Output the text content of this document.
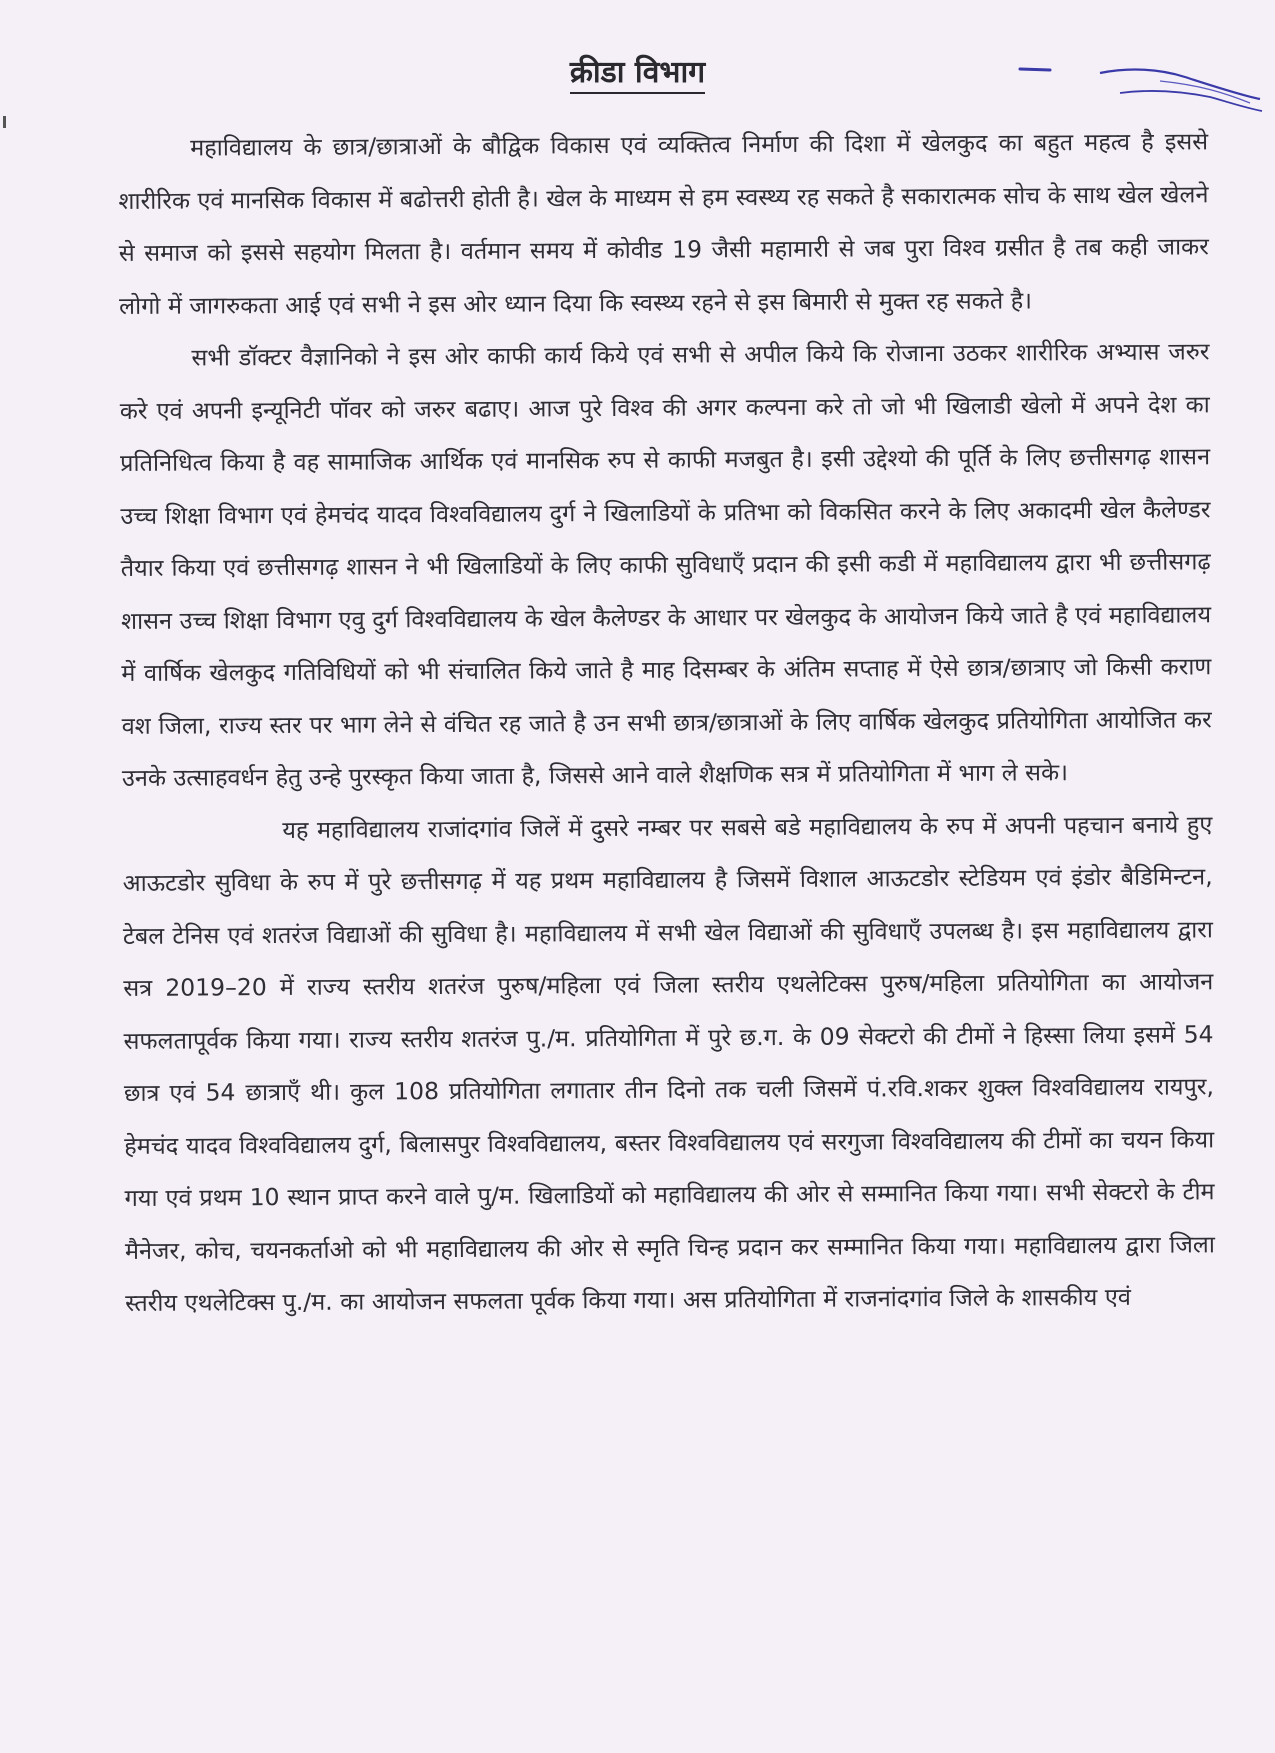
क्रीडा विभाग

महाविद्यालय के छात्र/छात्राओं के बौद्विक विकास एवं व्यक्तित्व निर्माण की दिशा में खेलकुद का बहुत महत्व है इससे शारीरिक एवं मानसिक विकास में बढोत्तरी होती है। खेल के माध्यम से हम स्वस्थ्य रह सकते है सकारात्मक सोच के साथ खेल खेलने से समाज को इससे सहयोग मिलता है। वर्तमान समय में कोवीड 19 जैसी महामारी से जब पुरा विश्व ग्रसीत है तब कही जाकर लोगो में जागरुकता आई एवं सभी ने इस ओर ध्यान दिया कि स्वस्थ्य रहने से इस बिमारी से मुक्त रह सकते है।

सभी डॉक्टर वैज्ञानिको ने इस ओर काफी कार्य किये एवं सभी से अपील किये कि रोजाना उठकर शारीरिक अभ्यास जरुर करे एवं अपनी इन्यूनिटी पॉवर को जरुर बढाए। आज पुरे विश्व की अगर कल्पना करे तो जो भी खिलाडी खेलो में अपने देश का प्रतिनिधित्व किया है वह सामाजिक आर्थिक एवं मानसिक रुप से काफी मजबुत है। इसी उद्देश्यो की पूर्ति के लिए छत्तीसगढ़ शासन उच्च शिक्षा विभाग एवं हेमचंद यादव विश्वविद्यालय दुर्ग ने खिलाडियों के प्रतिभा को विकसित करने के लिए अकादमी खेल कैलेण्डर तैयार किया एवं छत्तीसगढ़ शासन ने भी खिलाडियों के लिए काफी सुविधाएँ प्रदान की इसी कडी में महाविद्यालय द्वारा भी छत्तीसगढ़ शासन उच्च शिक्षा विभाग एवु दुर्ग विश्वविद्यालय के खेल कैलेण्डर के आधार पर खेलकुद के आयोजन किये जाते है एवं महाविद्यालय में वार्षिक खेलकुद गतिविधियों को भी संचालित किये जाते है माह दिसम्बर के अंतिम सप्ताह में ऐसे छात्र/छात्राए जो किसी कराण वश जिला, राज्य स्तर पर भाग लेने से वंचित रह जाते है उन सभी छात्र/छात्राओं के लिए वार्षिक खेलकुद प्रतियोगिता आयोजित कर उनके उत्साहवर्धन हेतु उन्हे पुरस्कृत किया जाता है, जिससे आने वाले शैक्षणिक सत्र में प्रतियोगिता में भाग ले सके।

यह महाविद्यालय राजांदगांव जिलें में दुसरे नम्बर पर सबसे बडे महाविद्यालय के रुप में अपनी पहचान बनाये हुए आऊटडोर सुविधा के रुप में पुरे छत्तीसगढ़ में यह प्रथम महाविद्यालय है जिसमें विशाल आऊटडोर स्टेडियम एवं इंडोर बैडिमिन्टन, टेबल टेनिस एवं शतरंज विद्याओं की सुविधा है। महाविद्यालय में सभी खेल विद्याओं की सुविधाएँ उपलब्ध है। इस महाविद्यालय द्वारा सत्र 2019–20 में राज्य स्तरीय शतरंज पुरुष/महिला एवं जिला स्तरीय एथलेटिक्स पुरुष/महिला प्रतियोगिता का आयोजन सफलतापूर्वक किया गया। राज्य स्तरीय शतरंज पु./म. प्रतियोगिता में पुरे छ.ग. के 09 सेक्टरो की टीमों ने हिस्सा लिया इसमें 54 छात्र एवं 54 छात्राएँ थी। कुल 108 प्रतियोगिता लगातार तीन दिनो तक चली जिसमें पं.रवि.शकर शुक्ल विश्वविद्यालय रायपुर, हेमचंद यादव विश्वविद्यालय दुर्ग, बिलासपुर विश्वविद्यालय, बस्तर विश्वविद्यालय एवं सरगुजा विश्वविद्यालय की टीमों का चयन किया गया एवं प्रथम 10 स्थान प्राप्त करने वाले पु/म. खिलाडियों को महाविद्यालय की ओर से सम्मानित किया गया। सभी सेक्टरो के टीम मैनेजर, कोच, चयनकर्ताओ को भी महाविद्यालय की ओर से स्मृति चिन्ह प्रदान कर सम्मानित किया गया। महाविद्यालय द्वारा जिला स्तरीय एथलेटिक्स पु./म. का आयोजन सफलता पूर्वक किया गया। अस प्रतियोगिता में राजनांदगांव जिले के शासकीय एवं
